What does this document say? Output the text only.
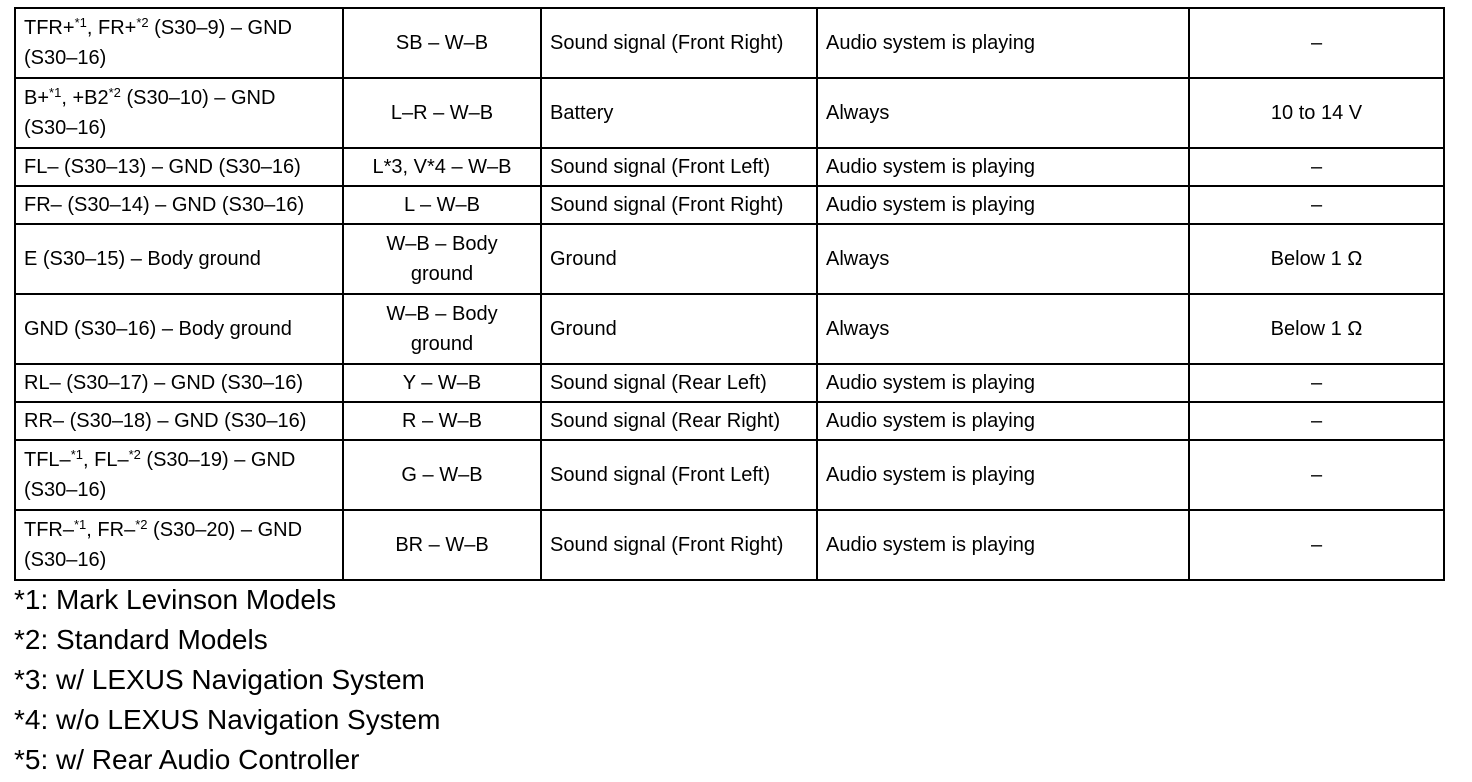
TFR+$^{*1}$, FR+$^{*2}$ (S30–9) – GND (S30–16)	SB – W–B	Sound signal (Front Right)	Audio system is playing	–
B+$^{*1}$, $+B2^{*2}$ (S30–10) – GND (S30–16)	L–R – W–B	Battery	Always	10 to 14 V
FL– (S30–13) – GND (S30–16)	L*3, V*4 – W–B	Sound signal (Front Left)	Audio system is playing	–
FR– (S30–14) – GND (S30–16)	L – W–B	Sound signal (Front Right)	Audio system is playing	–
E (S30–15) – Body ground	W–B – Body ground	Ground	Always	Below 1 Ω
GND (S30–16) – Body ground	W–B – Body ground	Ground	Always	Below 1 Ω
RL– (S30–17) – GND (S30–16)	Y – W–B	Sound signal (Rear Left)	Audio system is playing	–
RR– (S30–18) – GND (S30–16)	R – W–B	Sound signal (Rear Right)	Audio system is playing	–
TFL–$^{*1}$, FL–$^{*2}$ (S30–19) – GND (S30–16)	G – W–B	Sound signal (Front Left)	Audio system is playing	–
TFR–$^{*1}$, FR–$^{*2}$ (S30–20) – GND (S30–16)	BR – W–B	Sound signal (Front Right)	Audio system is playing	–
*1: Mark Levinson Models
*2: Standard Models
*3: w/ LEXUS Navigation System
*4: w/o LEXUS Navigation System
*5: w/ Rear Audio Controller
